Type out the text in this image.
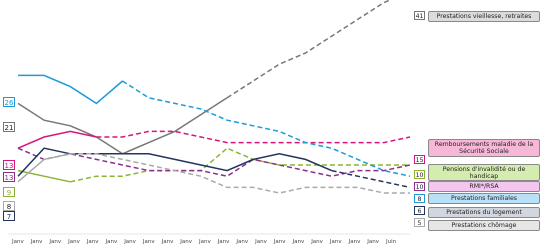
Janv Janv Janv Janv Janv Janv Janv Janv Janv Janv Janv Janv Janv Janv Janv Janv Janv Janv Janv Janv Juin
26
21
13
13
9
8
7
41
15
10
10
8
6
5
Prestations vieillesse, retraites
Remboursements maladie de la Sécurité Sociale
Pensions d'invalidité ou de handicap
RMI*/RSA
Prestations familiales
Prestations du logement
Prestations chômage
